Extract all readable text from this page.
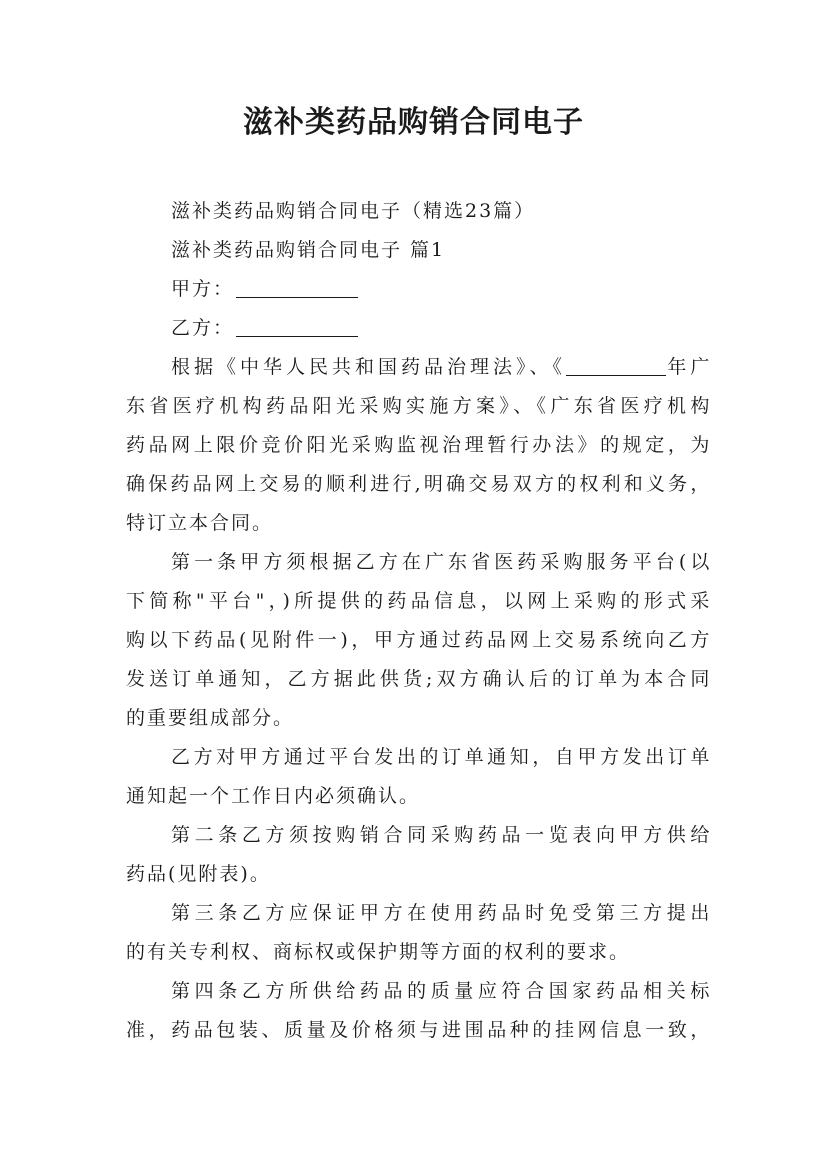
滋补类药品购销合同电子
滋补类药品购销合同电子（精选23篇）
滋补类药品购销合同电子 篇1
甲方：
乙方：
根据《中华人民共和国药品治理法》、《	年广
东省医疗机构药品阳光采购实施方案》、《广东省医疗机构
药品网上限价竞价阳光采购监视治理暂行办法》的规定，为
确保药品网上交易的顺利进行,明确交易双方的权利和义务，
特订立本合同。
第一条甲方须根据乙方在广东省医药采购服务平台(以
下简称"平台"，)所提供的药品信息，以网上采购的形式采
购以下药品(见附件一)，甲方通过药品网上交易系统向乙方
发送订单通知，乙方据此供货;双方确认后的订单为本合同
的重要组成部分。
乙方对甲方通过平台发出的订单通知，自甲方发出订单
通知起一个工作日内必须确认。
第二条乙方须按购销合同采购药品一览表向甲方供给
药品(见附表)。
第三条乙方应保证甲方在使用药品时免受第三方提出
的有关专利权、商标权或保护期等方面的权利的要求。
第四条乙方所供给药品的质量应符合国家药品相关标
准，药品包装、质量及价格须与进围品种的挂网信息一致，
